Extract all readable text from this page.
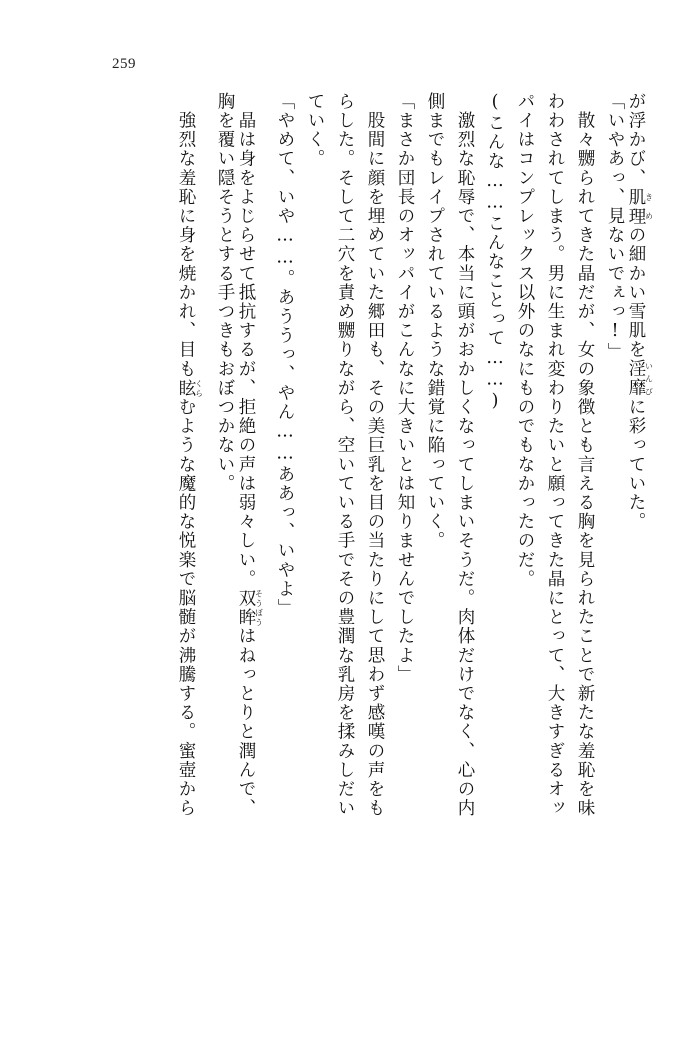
259
が浮かび、肌理きめの細かい雪肌を淫靡いんびに彩っていた。
「いやあっ、見ないでぇっ!」
　散々嬲られてきた晶だが、女の象徴とも言える胸を見られたことで新たな羞恥を味
わわされてしまう。男に生まれ変わりたいと願ってきた晶にとって、大きすぎるオッ
パイはコンプレックス以外のなにものでもなかったのだ。
(こんな……こんなことって……)
　激烈な恥辱で、本当に頭がおかしくなってしまいそうだ。肉体だけでなく、心の内
側までもレイプされているような錯覚に陥っていく。
「まさか団長のオッパイがこんなに大きいとは知りませんでしたよ」
　股間に顔を埋めていた郷田も、その美巨乳を目の当たりにして思わず感嘆の声をも
らした。そして二穴を責め嬲りながら、空いている手でその豊潤な乳房を揉みしだい
ていく。
「やめて、いや……。あううっ、やん……ああっ、いやよ」
　晶は身をよじらせて抵抗するが、拒絶の声は弱々しい。双眸そうぼうはねっとりと潤んで、
胸を覆い隠そうとする手つきもおぼつかない。
　強烈な羞恥に身を焼かれ、目も眩くらむような魔的な悦楽で脳髄が沸騰する。蜜壺から
